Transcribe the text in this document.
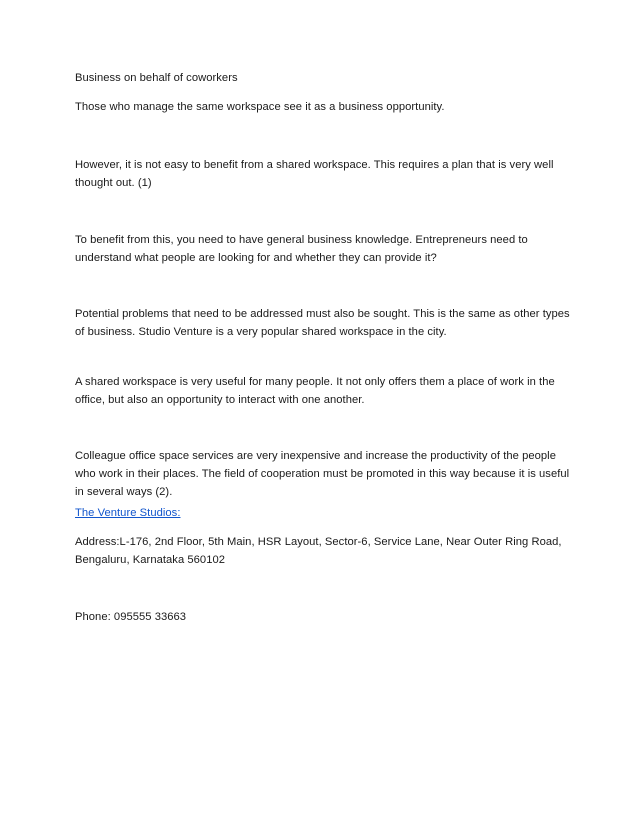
Business on behalf of coworkers

Those who manage the same workspace see it as a business opportunity.

However, it is not easy to benefit from a shared workspace. This requires a plan that is very well thought out. (1)

To benefit from this, you need to have general business knowledge. Entrepreneurs need to understand what people are looking for and whether they can provide it?

Potential problems that need to be addressed must also be sought. This is the same as other types of business. Studio Venture is a very popular shared workspace in the city.

A shared workspace is very useful for many people. It not only offers them a place of work in the office, but also an opportunity to interact with one another.

Colleague office space services are very inexpensive and increase the productivity of the people who work in their places. The field of cooperation must be promoted in this way because it is useful in several ways (2).

The Venture Studios:

Address:L-176, 2nd Floor, 5th Main, HSR Layout, Sector-6, Service Lane, Near Outer Ring Road, Bengaluru, Karnataka 560102

Phone: 095555 33663
